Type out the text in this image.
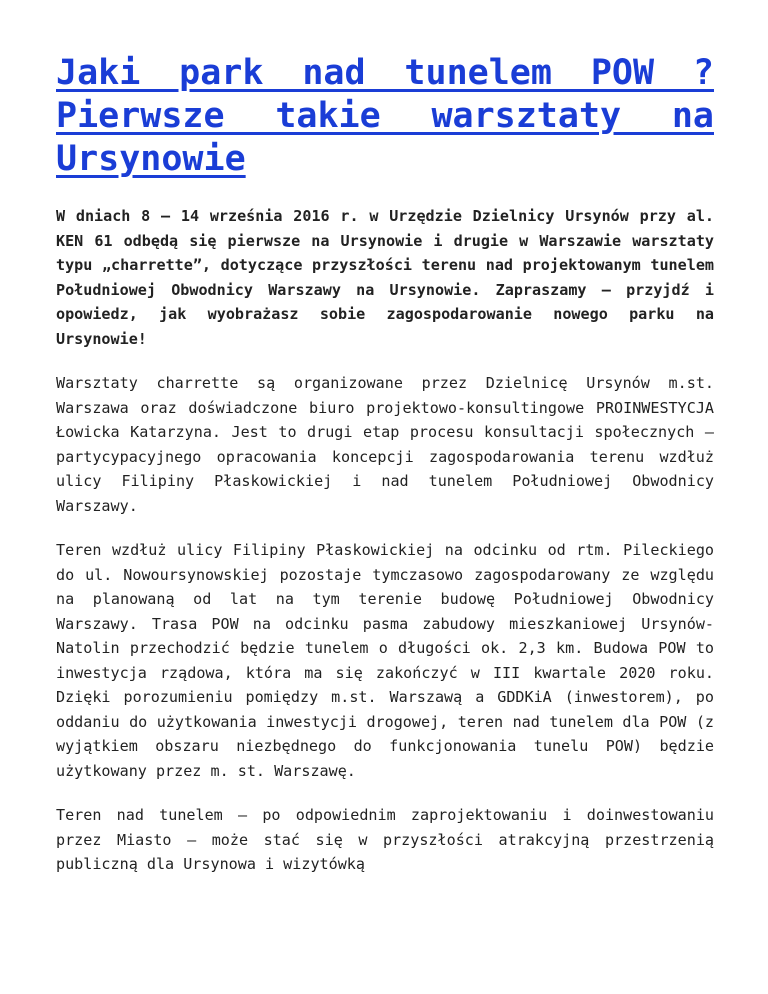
Jaki park nad tunelem POW ?Pierwsze takie warsztaty na Ursynowie

W dniach 8 – 14 września 2016 r. w Urzędzie Dzielnicy Ursynów przy al. KEN 61 odbędą się pierwsze na Ursynowie i drugie w Warszawie warsztaty typu „charrette”, dotyczące przyszłości terenu nad projektowanym tunelem Południowej Obwodnicy Warszawy na Ursynowie. Zapraszamy – przyjdź i opowiedz, jak wyobrażasz sobie zagospodarowanie nowego parku na Ursynowie!

Warsztaty charrette są organizowane przez Dzielnicę Ursynów m.st. Warszawa oraz doświadczone biuro projektowo-konsultingowe PROINWESTYCJA Łowicka Katarzyna. Jest to drugi etap procesu konsultacji społecznych – partycypacyjnego opracowania koncepcji zagospodarowania terenu wzdłuż ulicy Filipiny Płaskowickiej i nad tunelem Południowej Obwodnicy Warszawy.

Teren wzdłuż ulicy Filipiny Płaskowickiej na odcinku od rtm. Pileckiego do ul. Nowoursynowskiej pozostaje tymczasowo zagospodarowany ze względu na planowaną od lat na tym terenie budowę Południowej Obwodnicy Warszawy. Trasa POW na odcinku pasma zabudowy mieszkaniowej Ursynów-Natolin przechodzić będzie tunelem o długości ok. 2,3 km. Budowa POW to inwestycja rządowa, która ma się zakończyć w III kwartale 2020 roku. Dzięki porozumieniu pomiędzy m.st. Warszawą a GDDKiA (inwestorem), po oddaniu do użytkowania inwestycji drogowej, teren nad tunelem dla POW (z wyjątkiem obszaru niezbędnego do funkcjonowania tunelu POW) będzie użytkowany przez m. st. Warszawę.

Teren nad tunelem – po odpowiednim zaprojektowaniu i doinwestowaniu przez Miasto – może stać się w przyszłości atrakcyjną przestrzenią publiczną dla Ursynowa i wizytówką
